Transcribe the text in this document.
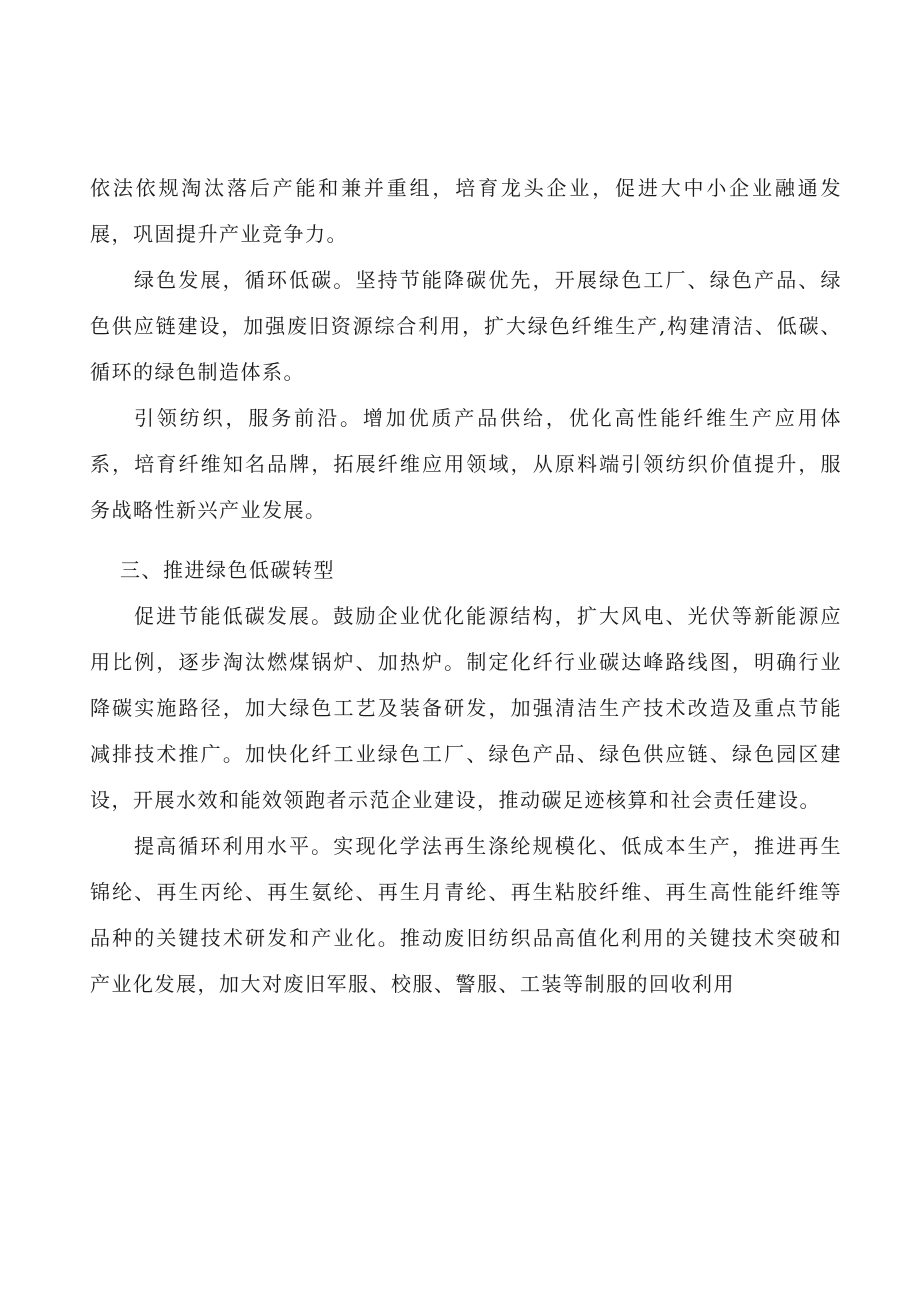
依法依规淘汰落后产能和兼并重组，培育龙头企业，促进大中小企业融通发展，巩固提升产业竞争力。

绿色发展，循环低碳。坚持节能降碳优先，开展绿色工厂、绿色产品、绿色供应链建设，加强废旧资源综合利用，扩大绿色纤维生产,构建清洁、低碳、循环的绿色制造体系。

引领纺织，服务前沿。增加优质产品供给，优化高性能纤维生产应用体系，培育纤维知名品牌，拓展纤维应用领域，从原料端引领纺织价值提升，服务战略性新兴产业发展。

三、推进绿色低碳转型

促进节能低碳发展。鼓励企业优化能源结构，扩大风电、光伏等新能源应用比例，逐步淘汰燃煤锅炉、加热炉。制定化纤行业碳达峰路线图，明确行业降碳实施路径，加大绿色工艺及装备研发，加强清洁生产技术改造及重点节能减排技术推广。加快化纤工业绿色工厂、绿色产品、绿色供应链、绿色园区建设，开展水效和能效领跑者示范企业建设，推动碳足迹核算和社会责任建设。

提高循环利用水平。实现化学法再生涤纶规模化、低成本生产，推进再生锦纶、再生丙纶、再生氨纶、再生月青纶、再生粘胶纤维、再生高性能纤维等品种的关键技术研发和产业化。推动废旧纺织品高值化利用的关键技术突破和产业化发展，加大对废旧军服、校服、警服、工装等制服的回收利用
